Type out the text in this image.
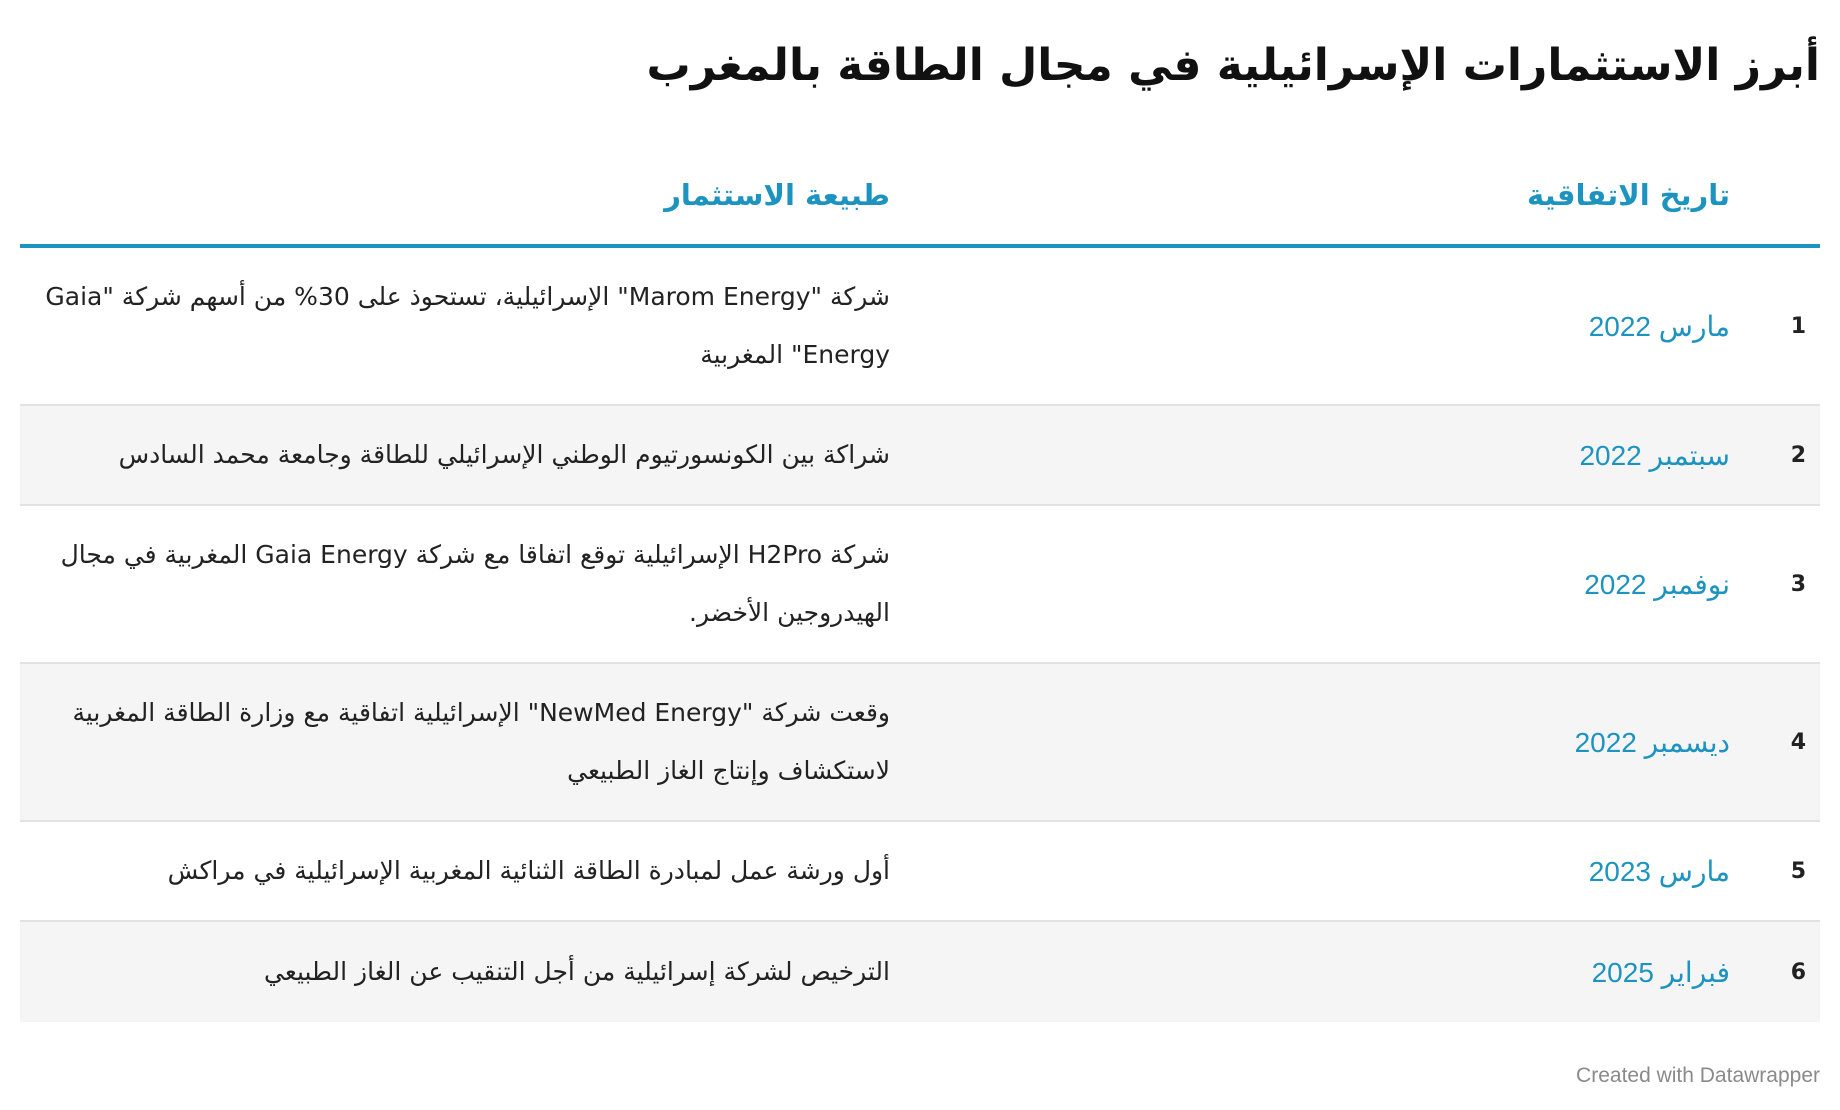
أبرز الاستثمارات الإسرائيلية في مجال الطاقة بالمغرب
تاريخ الاتفاقية
طبيعة الاستثمار
1
مارس 2022
شركة "Marom Energy" الإسرائيلية، تستحوذ على 30% من أسهم شركة "Gaia Energy" المغربية
2
سبتمبر 2022
شراكة بين الكونسورتيوم الوطني الإسرائيلي للطاقة وجامعة محمد السادس
3
نوفمبر 2022
شركة H2Pro الإسرائيلية توقع اتفاقا مع شركة Gaia Energy المغربية في مجال الهيدروجين الأخضر.
4
ديسمبر 2022
وقعت شركة "NewMed Energy" الإسرائيلية اتفاقية مع وزارة الطاقة المغربية لاستكشاف وإنتاج الغاز الطبيعي
5
مارس 2023
أول ورشة عمل لمبادرة الطاقة الثنائية المغربية الإسرائيلية في مراكش
6
فبراير 2025
الترخيص لشركة إسرائيلية من أجل التنقيب عن الغاز الطبيعي
Created with Datawrapper
